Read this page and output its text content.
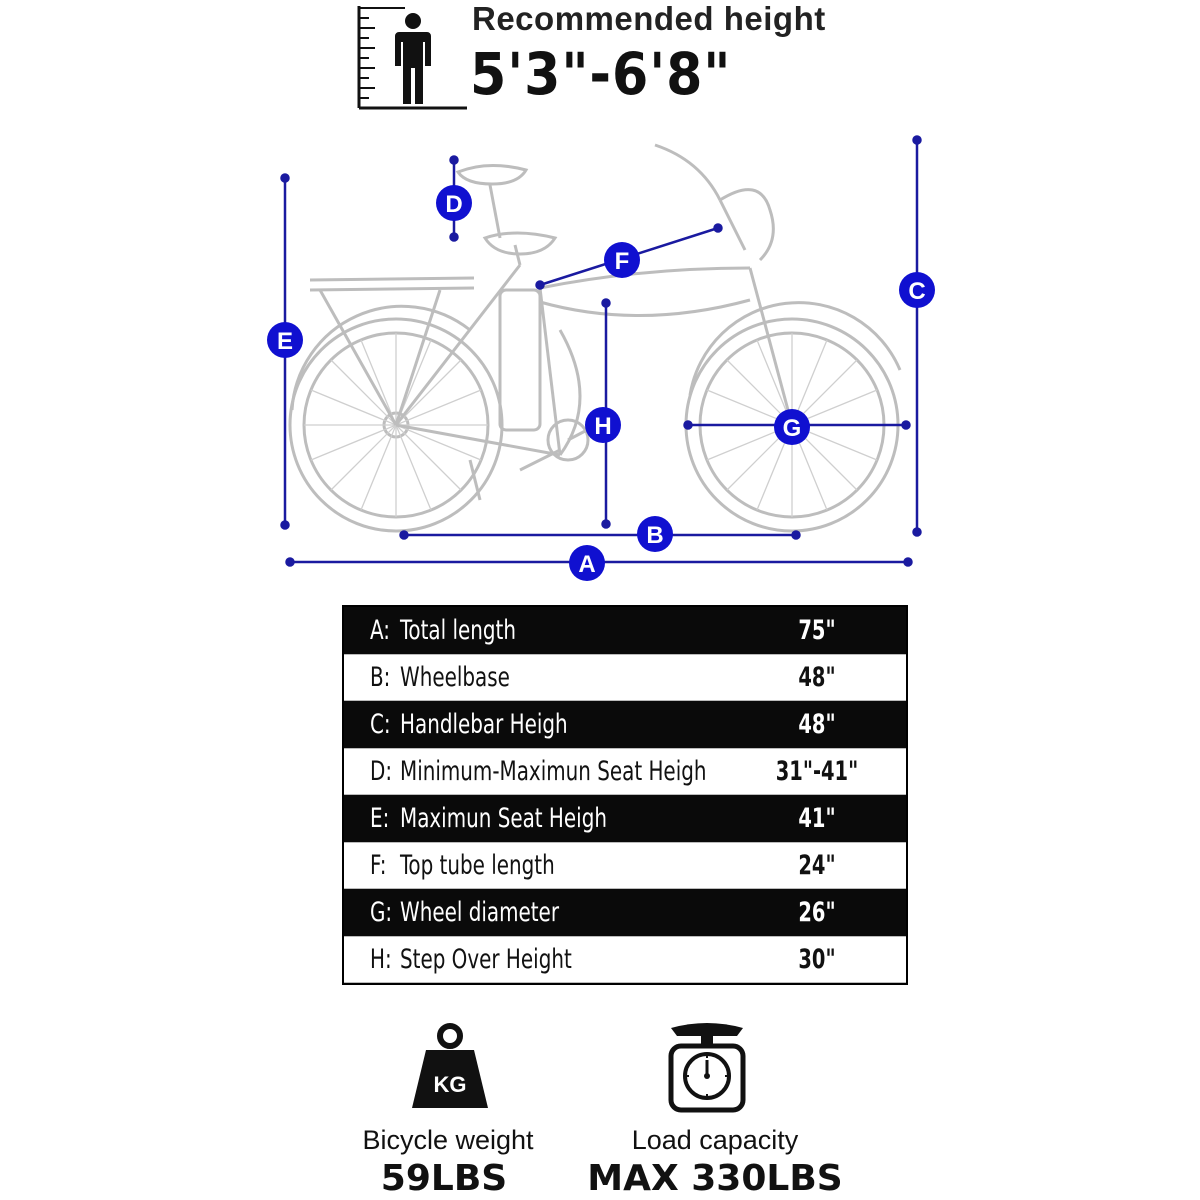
Recommended height
5'3"-6'8"
A
B
C
D
E
F
G
H
A: Total length	75"
B: Wheelbase	48"
C: Handlebar Heigh	48"
D: Minimum-Maximun Seat Heigh	31"-41"
E: Maximun Seat Heigh	41"
F: Top tube length	24"
G: Wheel diameter	26"
H: Step Over Height	30"
KG
Bicycle weight
59LBS
Load capacity
MAX 330LBS
